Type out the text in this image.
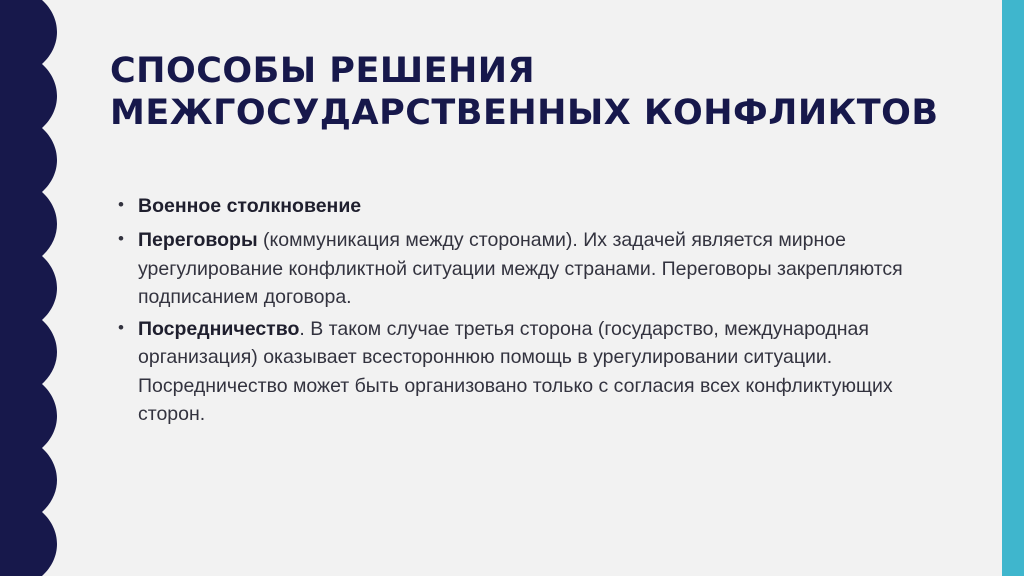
СПОСОБЫ РЕШЕНИЯ МЕЖГОСУДАРСТВЕННЫХ КОНФЛИКТОВ
• Военное столкновение
• Переговоры (коммуникация между сторонами). Их задачей является мирное урегулирование конфликтной ситуации между странами. Переговоры закрепляются подписанием договора.
• Посредничество. В таком случае третья сторона (государство, международная организация) оказывает всестороннюю помощь в урегулировании ситуации. Посредничество может быть организовано только с согласия всех конфликтующих сторон.
